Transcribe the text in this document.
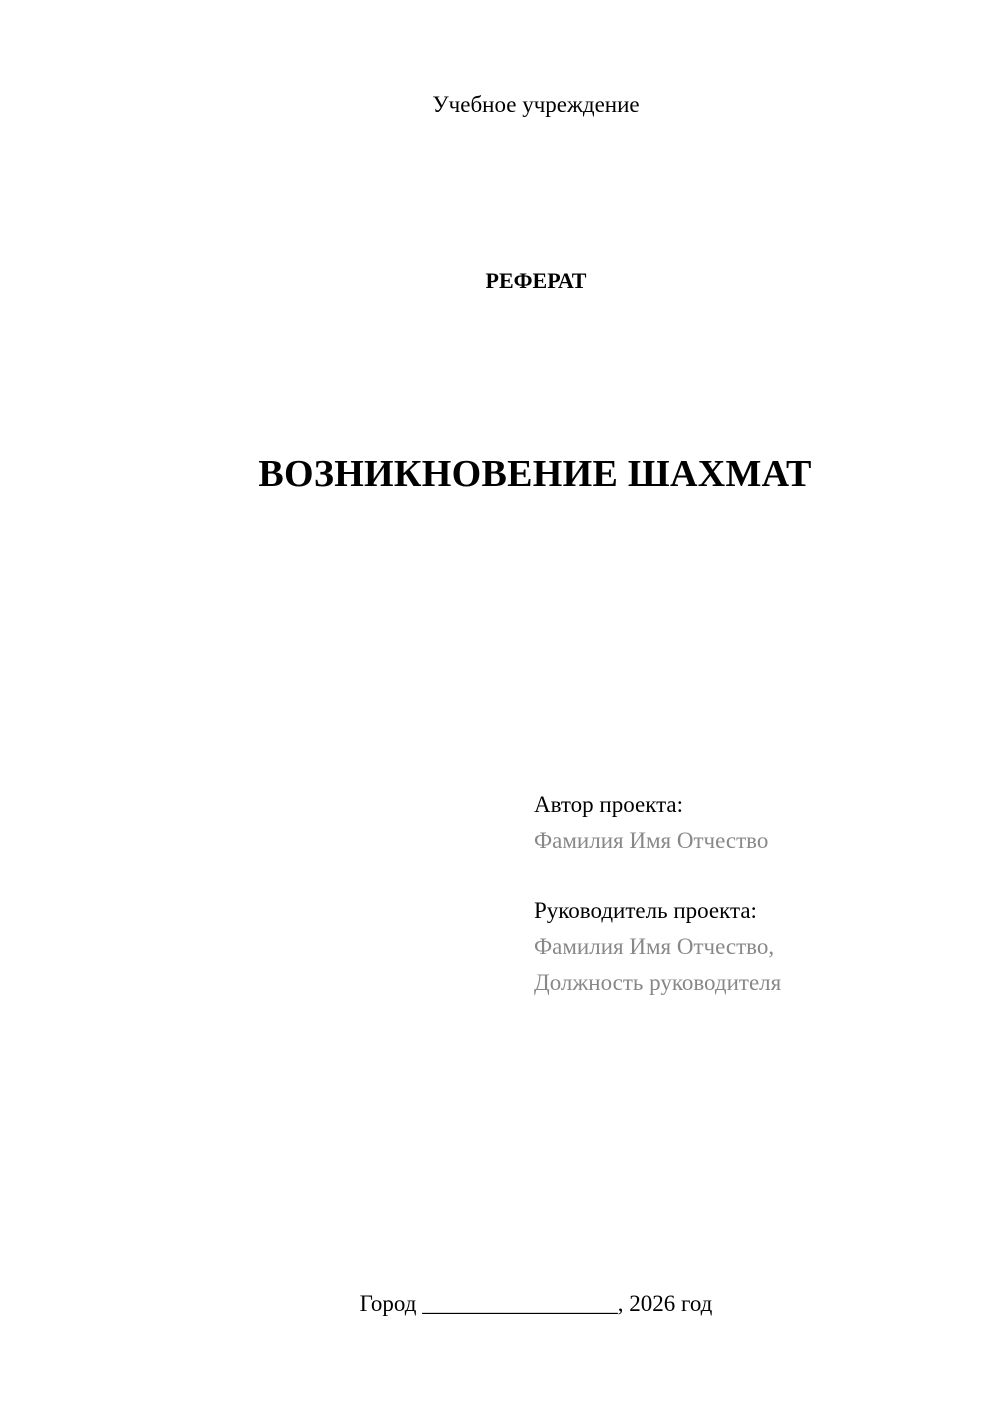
Учебное учреждение
РЕФЕРАТ
ВОЗНИКНОВЕНИЕ ШАХМАТ
Автор проекта:
Фамилия Имя Отчество
Руководитель проекта:
Фамилия Имя Отчество,
Должность руководителя
Город _________________, 2026 год
